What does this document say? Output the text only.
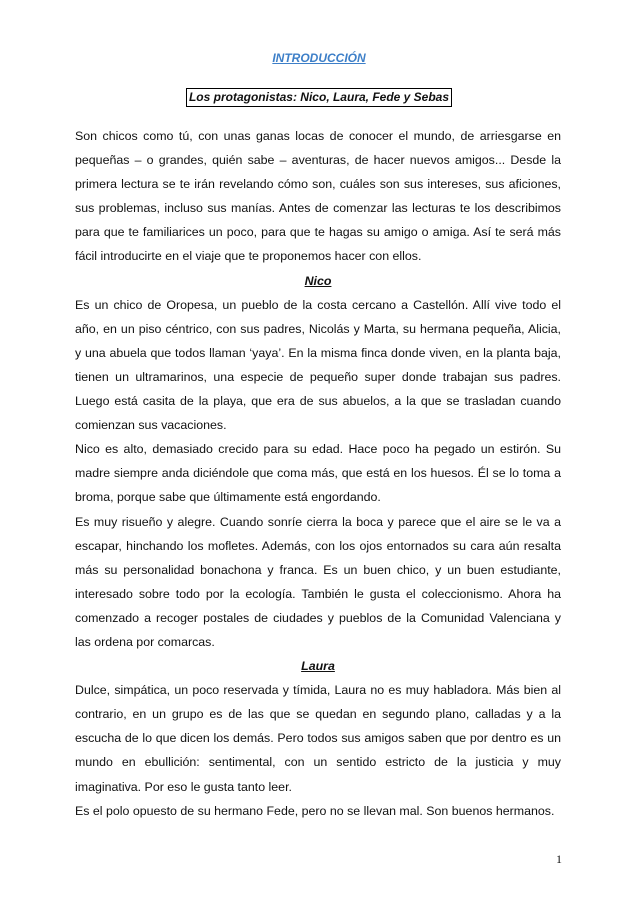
INTRODUCCIÓN
Los protagonistas: Nico, Laura, Fede y Sebas

Son chicos como tú, con unas ganas locas de conocer el mundo, de arriesgarse en pequeñas – o grandes, quién sabe – aventuras, de hacer nuevos amigos... Desde la primera lectura se te irán revelando cómo son, cuáles son sus intereses, sus aficiones, sus problemas, incluso sus manías. Antes de comenzar las lecturas te los describimos para que te familiarices un poco, para que te hagas su amigo o amiga. Así te será más fácil introducirte en el viaje que te proponemos hacer con ellos.

Nico

Es un chico de Oropesa, un pueblo de la costa cercano a Castellón. Allí vive todo el año, en un piso céntrico, con sus padres, Nicolás y Marta, su hermana pequeña, Alicia, y una abuela que todos llaman ‘yaya’. En la misma finca donde viven, en la planta baja, tienen un ultramarinos, una especie de pequeño super donde trabajan sus padres. Luego está casita de la playa, que era de sus abuelos, a la que se trasladan cuando comienzan sus vacaciones.

Nico es alto, demasiado crecido para su edad. Hace poco ha pegado un estirón. Su madre siempre anda diciéndole que coma más, que está en los huesos. Él se lo toma a broma, porque sabe que últimamente está engordando.

Es muy risueño y alegre. Cuando sonríe cierra la boca y parece que el aire se le va a escapar, hinchando los mofletes. Además, con los ojos entornados su cara aún resalta más su personalidad bonachona y franca. Es un buen chico, y un buen estudiante, interesado sobre todo por la ecología. También le gusta el coleccionismo. Ahora ha comenzado a recoger postales de ciudades y pueblos de la Comunidad Valenciana y las ordena por comarcas.

Laura

Dulce, simpática, un poco reservada y tímida, Laura no es muy habladora. Más bien al contrario, en un grupo es de las que se quedan en segundo plano, calladas y a la escucha de lo que dicen los demás. Pero todos sus amigos saben que por dentro es un mundo en ebullición: sentimental, con un sentido estricto de la justicia y muy imaginativa. Por eso le gusta tanto leer.

Es el polo opuesto de su hermano Fede, pero no se llevan mal. Son buenos hermanos.

1
